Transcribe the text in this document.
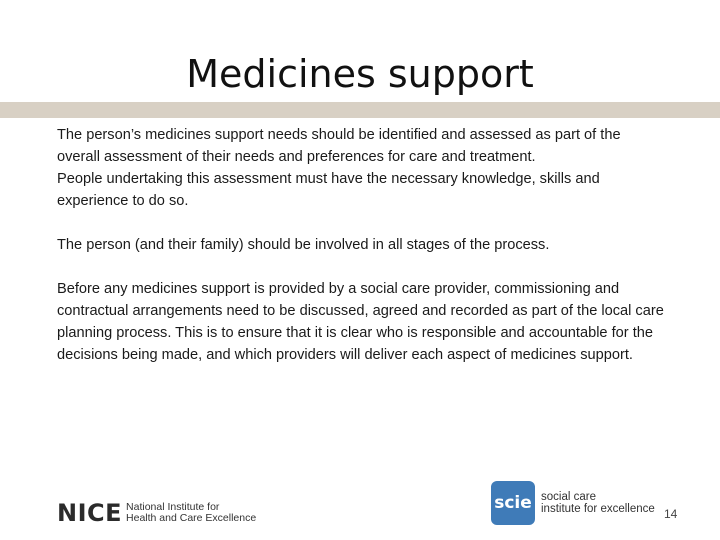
Medicines support

The person’s medicines support needs should be identified and assessed as part of the overall assessment of their needs and preferences for care and treatment.

People undertaking this assessment must have the necessary knowledge, skills and experience to do so.

The person (and their family) should be involved in all stages of the process.

Before any medicines support is provided by a social care provider, commissioning and contractual arrangements need to be discussed, agreed and recorded as part of the local care planning process. This is to ensure that it is clear who is responsible and accountable for the decisions being made, and which providers will deliver each aspect of medicines support.

NICE National Institute for
Health and Care Excellence
scie social care
institute for excellence 14
